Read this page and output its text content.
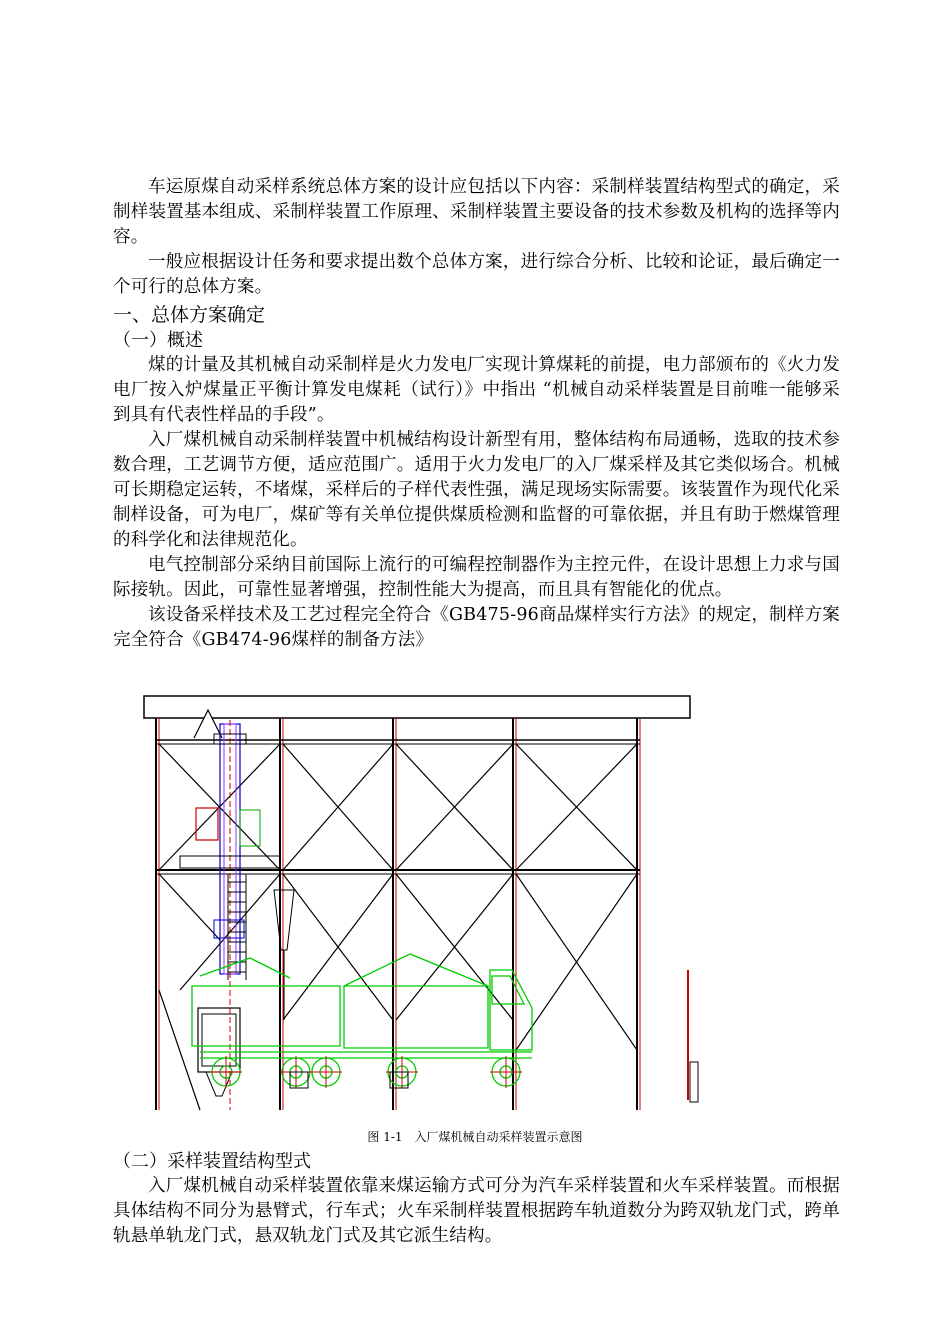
车运原煤自动采样系统总体方案的设计应包括以下内容：采制样装置结构型式的确定，采制样装置基本组成、采制样装置工作原理、采制样装置主要设备的技术参数及机构的选择等内容。

一般应根据设计任务和要求提出数个总体方案，进行综合分析、比较和论证，最后确定一个可行的总体方案。

一、总体方案确定
（一）概述

煤的计量及其机械自动采制样是火力发电厂实现计算煤耗的前提，电力部颁布的《火力发电厂按入炉煤量正平衡计算发电煤耗（试行）》中指出 “机械自动采样装置是目前唯一能够采到具有代表性样品的手段”。

入厂煤机械自动采制样装置中机械结构设计新型有用，整体结构布局通畅，选取的技术参数合理，工艺调节方便，适应范围广。适用于火力发电厂的入厂煤采样及其它类似场合。机械可长期稳定运转，不堵煤，采样后的子样代表性强，满足现场实际需要。该装置作为现代化采制样设备，可为电厂，煤矿等有关单位提供煤质检测和监督的可靠依据，并且有助于燃煤管理的科学化和法律规范化。

电气控制部分采纳目前国际上流行的可编程控制器作为主控元件，在设计思想上力求与国际接轨。因此，可靠性显著增强，控制性能大为提高，而且具有智能化的优点。

该设备采样技术及工艺过程完全符合《GB475-96商品煤样实行方法》的规定，制样方案完全符合《GB474-96煤样的制备方法》

图 1-1　入厂煤机械自动采样装置示意图
（二）采样装置结构型式

入厂煤机械自动采样装置依靠来煤运输方式可分为汽车采样装置和火车采样装置。而根据具体结构不同分为悬臂式，行车式；火车采制样装置根据跨车轨道数分为跨双轨龙门式，跨单轨悬单轨龙门式，悬双轨龙门式及其它派生结构。
